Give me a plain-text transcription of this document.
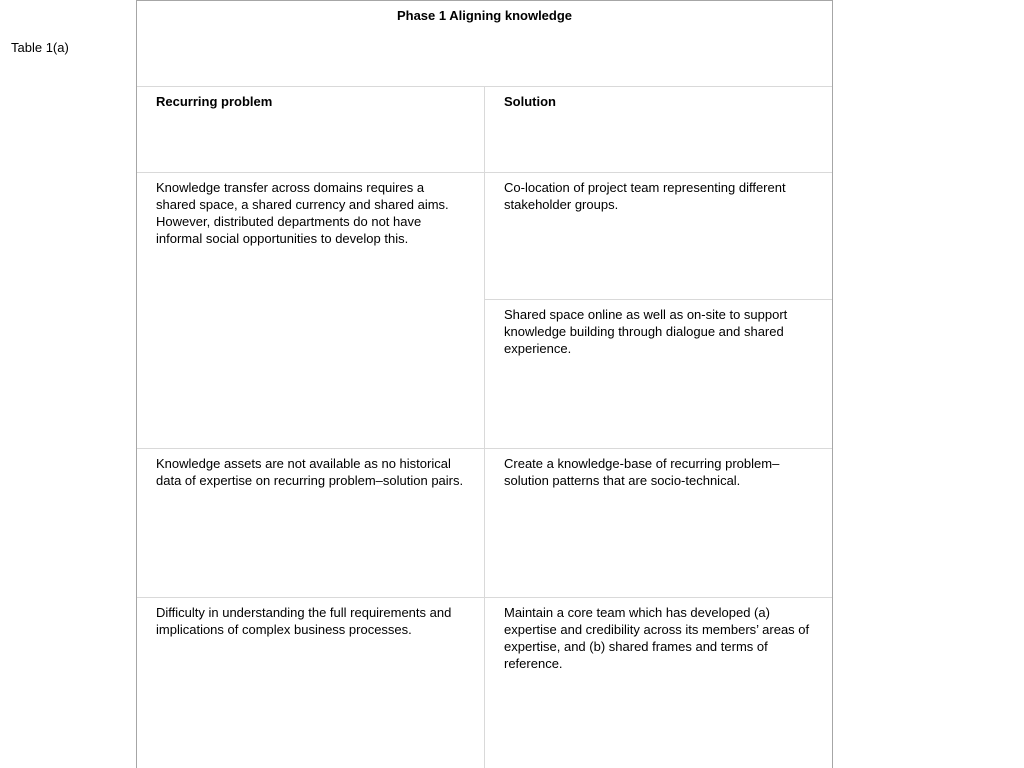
Table 1(a)
Phase 1 Aligning knowledge
Recurring problem	Solution
Knowledge transfer across domains requires a shared space, a shared currency and shared aims. However, distributed departments do not have informal social opportunities to develop this.
Co-location of project team representing different stakeholder groups.
Shared space online as well as on-site to support knowledge building through dialogue and shared experience.
Knowledge assets are not available as no historical data of expertise on recurring problem–solution pairs.
Create a knowledge-base of recurring problem–solution patterns that are socio-technical.
Difficulty in understanding the full requirements and implications of complex business processes.
Maintain a core team which has developed (a) expertise and credibility across its members’ areas of expertise, and (b) shared frames and terms of reference.
